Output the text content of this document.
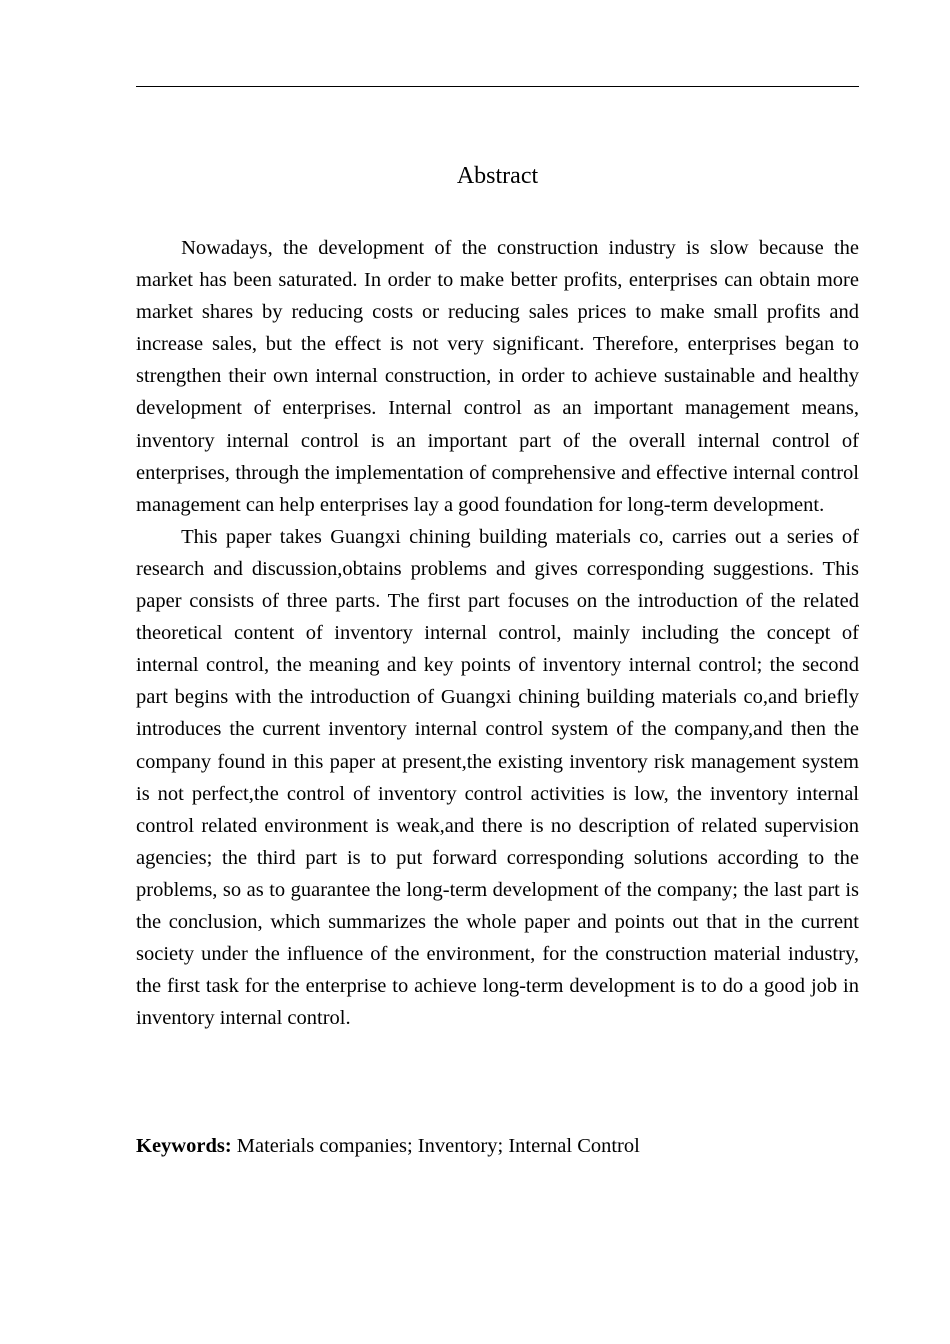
Abstract

Nowadays, the development of the construction industry is slow because the market has been saturated. In order to make better profits, enterprises can obtain more market shares by reducing costs or reducing sales prices to make small profits and increase sales, but the effect is not very significant. Therefore, enterprises began to strengthen their own internal construction, in order to achieve sustainable and healthy development of enterprises. Internal control as an important management means, inventory internal control is an important part of the overall internal control of enterprises, through the implementation of comprehensive and effective internal control management can help enterprises lay a good foundation for long-term development.

This paper takes Guangxi chining building materials co, carries out a series of research and discussion,obtains problems and gives corresponding suggestions. This paper consists of three parts. The first part focuses on the introduction of the related theoretical content of inventory internal control, mainly including the concept of internal control, the meaning and key points of inventory internal control; the second part begins with the introduction of Guangxi chining building materials co,and briefly introduces the current inventory internal control system of the company,and then the company found in this paper at present,the existing inventory risk management system is not perfect,the control of inventory control activities is low, the inventory internal control related environment is weak,and there is no description of related supervision agencies; the third part is to put forward corresponding solutions according to the problems, so as to guarantee the long-term development of the company; the last part is the conclusion, which summarizes the whole paper and points out that in the current society under the influence of the environment, for the construction material industry, the first task for the enterprise to achieve long-term development is to do a good job in inventory internal control.

Keywords: Materials companies; Inventory; Internal Control
